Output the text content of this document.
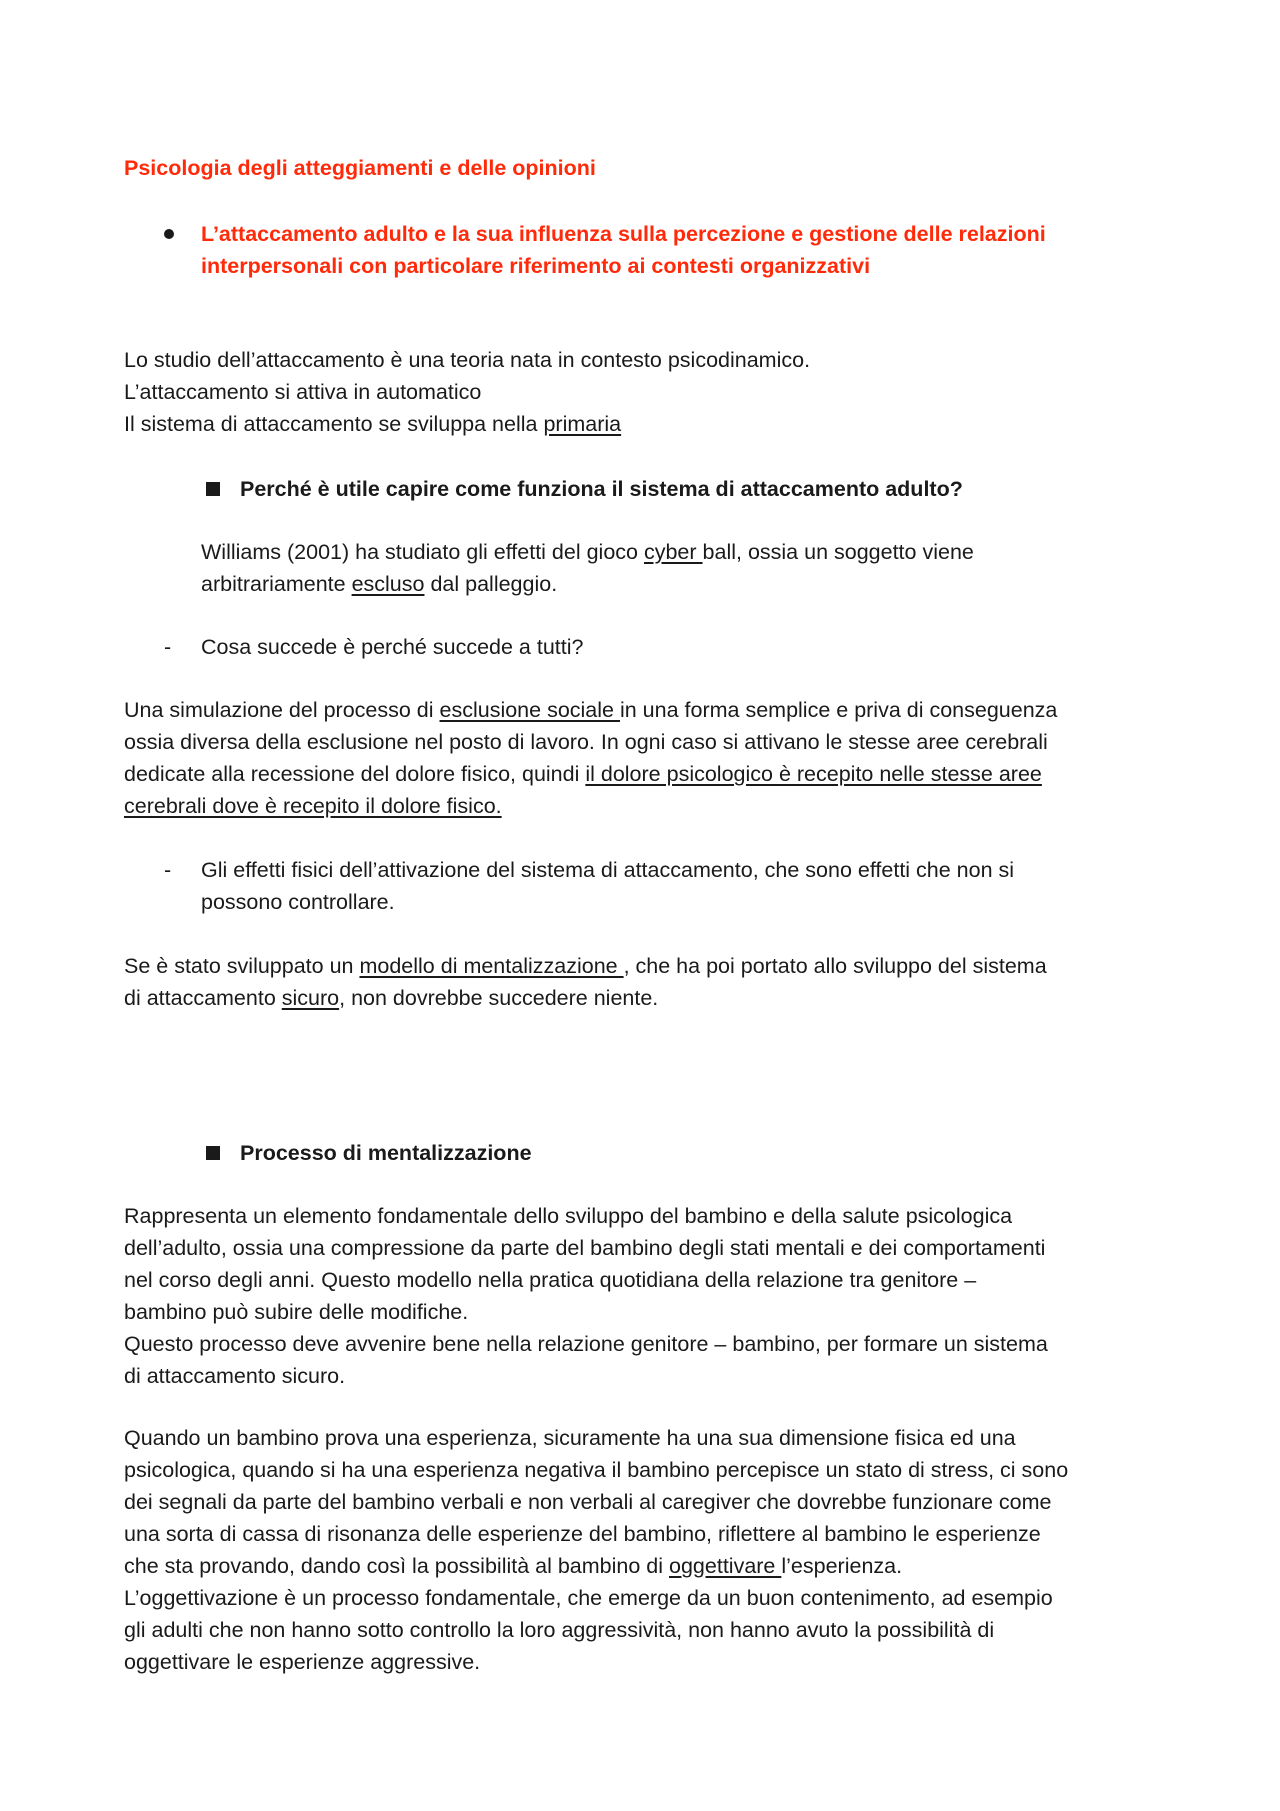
Psicologia degli atteggiamenti e delle opinioni
L’attaccamento adulto e la sua influenza sulla percezione e gestione delle relazioni
interpersonali con particolare riferimento ai contesti organizzativi
Lo studio dell’attaccamento è una teoria nata in contesto psicodinamico.
L’attaccamento si attiva in automatico
Il sistema di attaccamento se sviluppa nella primaria
Perché è utile capire come funziona il sistema di attaccamento adulto?
Williams (2001) ha studiato gli effetti del gioco cyber ball, ossia un soggetto viene
arbitrariamente escluso dal palleggio.
- Cosa succede è perché succede a tutti?
Una simulazione del processo di esclusione sociale in una forma semplice e priva di conseguenza
ossia diversa della esclusione nel posto di lavoro. In ogni caso si attivano le stesse aree cerebrali
dedicate alla recessione del dolore fisico, quindi il dolore psicologico è recepito nelle stesse aree
cerebrali dove è recepito il dolore fisico.
- Gli effetti fisici dell’attivazione del sistema di attaccamento, che sono effetti che non si
possono controllare.
Se è stato sviluppato un modello di mentalizzazione , che ha poi portato allo sviluppo del sistema
di attaccamento sicuro, non dovrebbe succedere niente.
Processo di mentalizzazione
Rappresenta un elemento fondamentale dello sviluppo del bambino e della salute psicologica
dell’adulto, ossia una compressione da parte del bambino degli stati mentali e dei comportamenti
nel corso degli anni. Questo modello nella pratica quotidiana della relazione tra genitore –
bambino può subire delle modifiche.
Questo processo deve avvenire bene nella relazione genitore – bambino, per formare un sistema
di attaccamento sicuro.
Quando un bambino prova una esperienza, sicuramente ha una sua dimensione fisica ed una
psicologica, quando si ha una esperienza negativa il bambino percepisce un stato di stress, ci sono
dei segnali da parte del bambino verbali e non verbali al caregiver che dovrebbe funzionare come
una sorta di cassa di risonanza delle esperienze del bambino, riflettere al bambino le esperienze
che sta provando, dando così la possibilità al bambino di oggettivare l’esperienza.
L’oggettivazione è un processo fondamentale, che emerge da un buon contenimento, ad esempio
gli adulti che non hanno sotto controllo la loro aggressività, non hanno avuto la possibilità di
oggettivare le esperienze aggressive.
